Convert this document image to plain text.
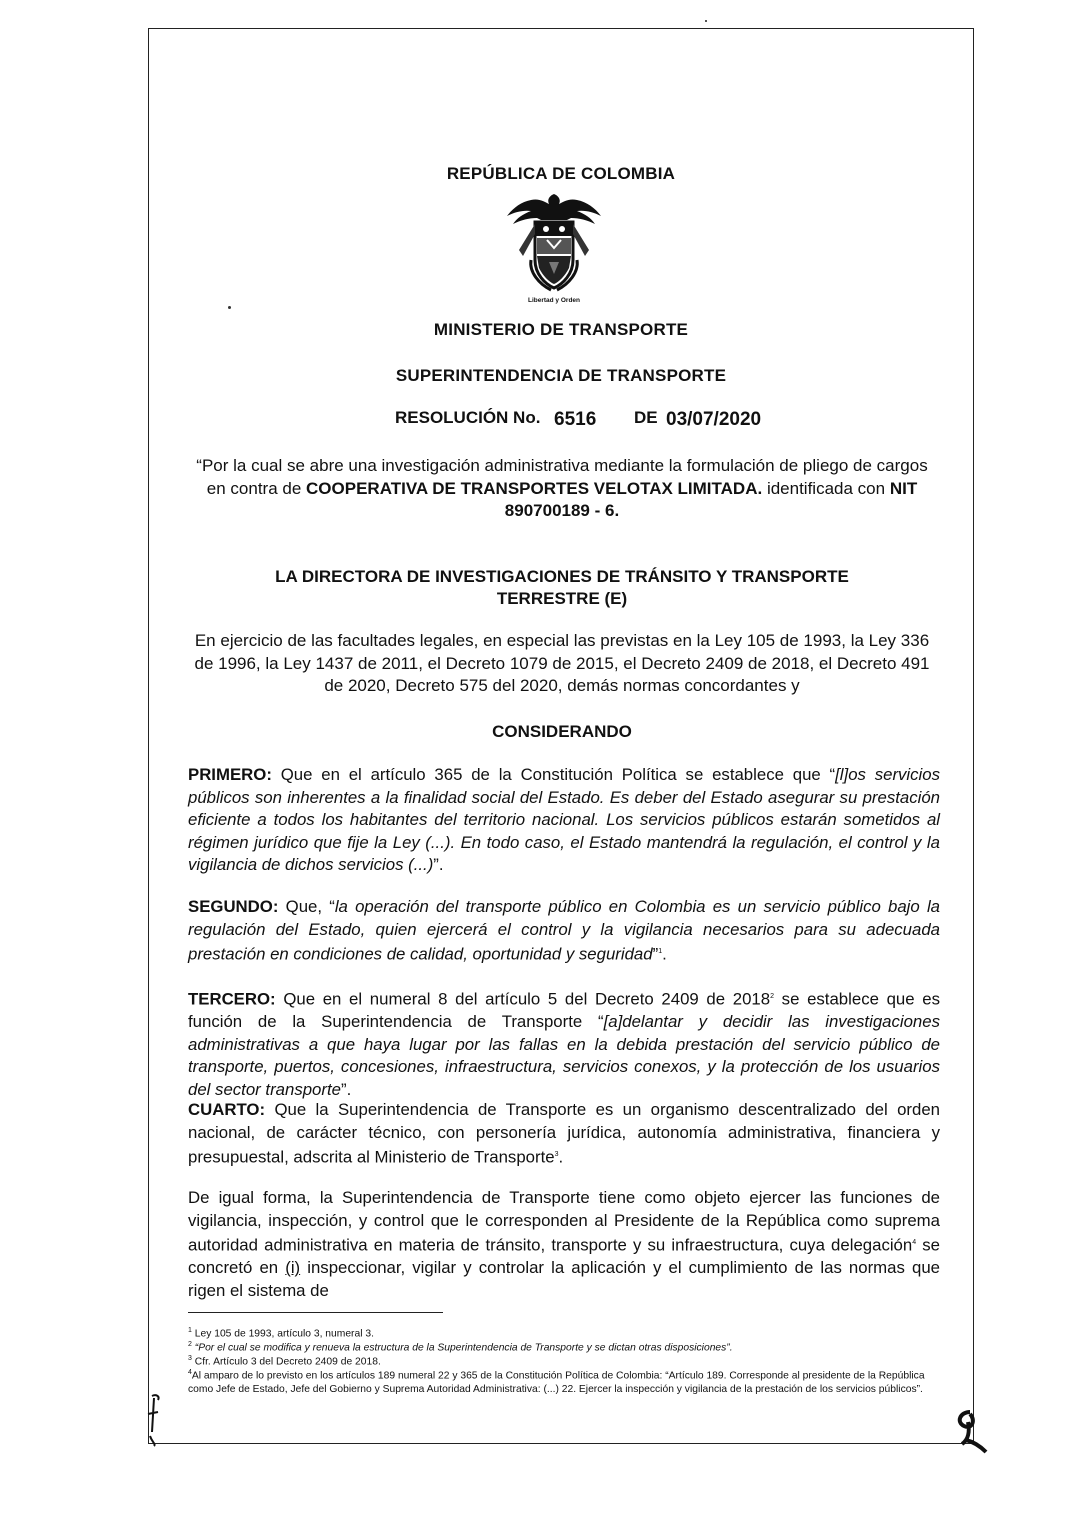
REPÚBLICA DE COLOMBIA
Libertad y Orden
MINISTERIO DE TRANSPORTE
SUPERINTENDENCIA DE TRANSPORTE
RESOLUCIÓN No. 6516 DE 03/07/2020
“Por la cual se abre una investigación administrativa mediante la formulación de pliego de cargos en contra de COOPERATIVA DE TRANSPORTES VELOTAX LIMITADA. identificada con NIT 890700189 - 6.
LA DIRECTORA DE INVESTIGACIONES DE TRÁNSITO Y TRANSPORTE
TERRESTRE (E)
En ejercicio de las facultades legales, en especial las previstas en la Ley 105 de 1993, la Ley 336 de 1996, la Ley 1437 de 2011, el Decreto 1079 de 2015, el Decreto 2409 de 2018, el Decreto 491 de 2020, Decreto 575 del 2020, demás normas concordantes y
CONSIDERANDO
PRIMERO: Que en el artículo 365 de la Constitución Política se establece que “[l]os servicios públicos son inherentes a la finalidad social del Estado. Es deber del Estado asegurar su prestación eficiente a todos los habitantes del territorio nacional. Los servicios públicos estarán sometidos al régimen jurídico que fije la Ley (...). En todo caso, el Estado mantendrá la regulación, el control y la vigilancia de dichos servicios (...)”.
SEGUNDO: Que, “la operación del transporte público en Colombia es un servicio público bajo la regulación del Estado, quien ejercerá el control y la vigilancia necesarios para su adecuada prestación en condiciones de calidad, oportunidad y seguridad”$^1$.
TERCERO: Que en el numeral 8 del artículo 5 del Decreto 2409 de 2018$^2$ se establece que es función de la Superintendencia de Transporte “[a]delantar y decidir las investigaciones administrativas a que haya lugar por las fallas en la debida prestación del servicio público de transporte, puertos, concesiones, infraestructura, servicios conexos, y la protección de los usuarios del sector transporte”.
CUARTO: Que la Superintendencia de Transporte es un organismo descentralizado del orden nacional, de carácter técnico, con personería jurídica, autonomía administrativa, financiera y presupuestal, adscrita al Ministerio de Transporte$^3$.
De igual forma, la Superintendencia de Transporte tiene como objeto ejercer las funciones de vigilancia, inspección, y control que le corresponden al Presidente de la República como suprema autoridad administrativa en materia de tránsito, transporte y su infraestructura, cuya delegación$^4$ se concretó en (i) inspeccionar, vigilar y controlar la aplicación y el cumplimiento de las normas que rigen el sistema de
$^1$ Ley 105 de 1993, artículo 3, numeral 3.
$^2$ “Por el cual se modifica y renueva la estructura de la Superintendencia de Transporte y se dictan otras disposiciones”.
$^3$ Cfr. Artículo 3 del Decreto 2409 de 2018.
$^4$Al amparo de lo previsto en los artículos 189 numeral 22 y 365 de la Constitución Política de Colombia: “Artículo 189. Corresponde al presidente de la República como Jefe de Estado, Jefe del Gobierno y Suprema Autoridad Administrativa: (...) 22. Ejercer la inspección y vigilancia de la prestación de los servicios públicos”.
